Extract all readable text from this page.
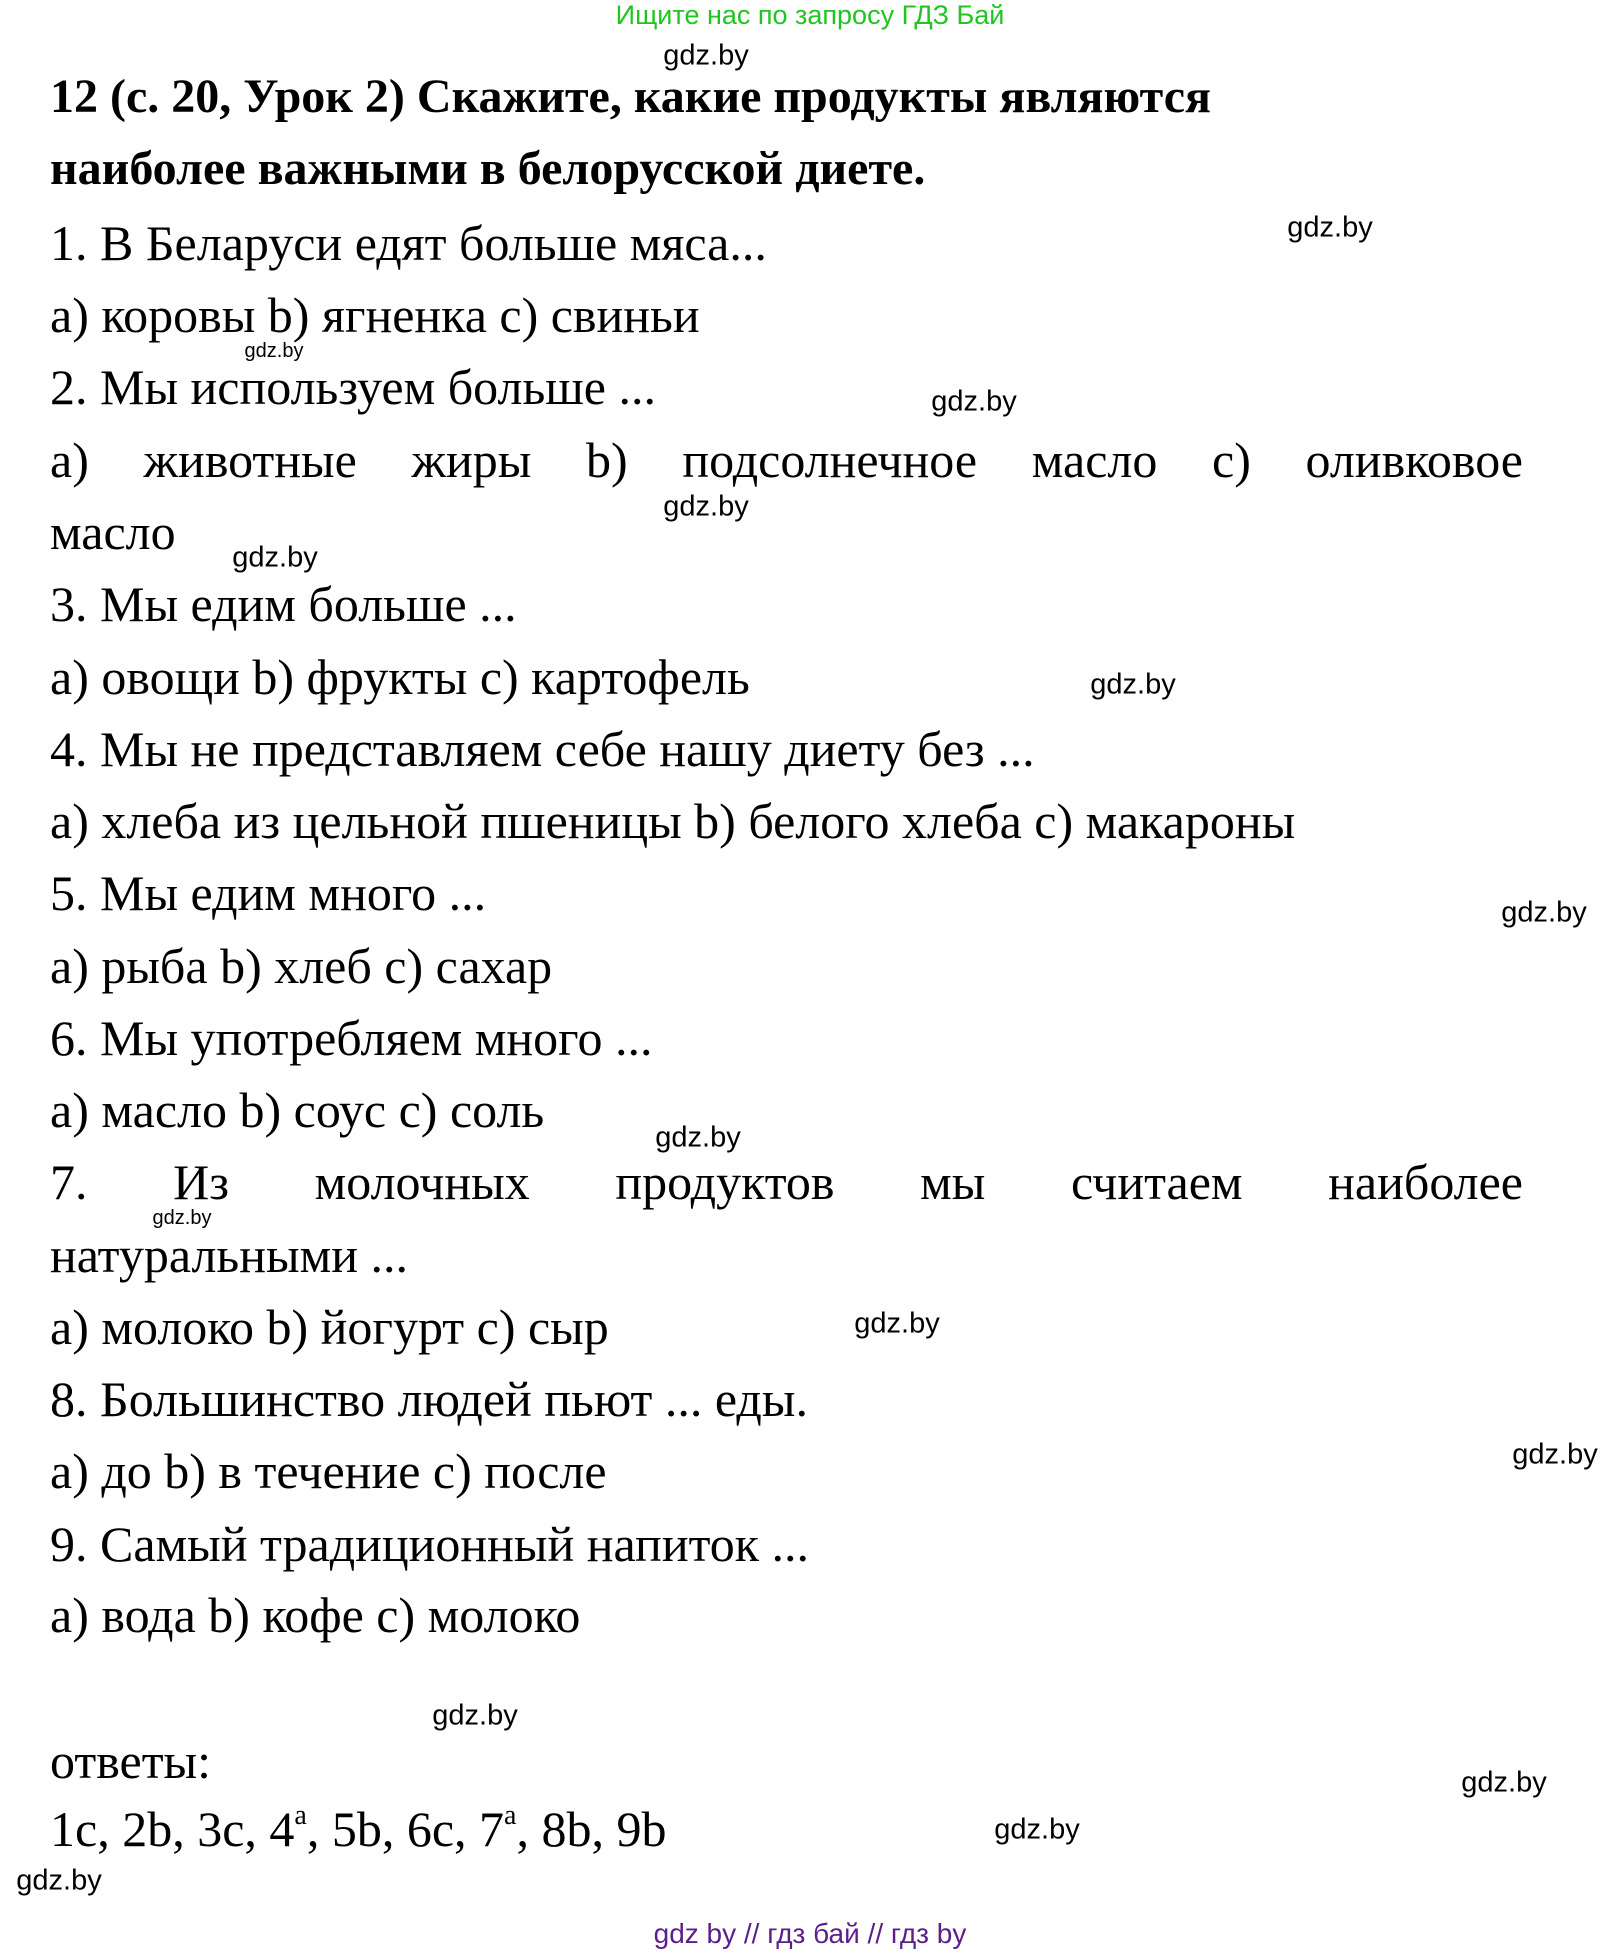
Ищите нас по запросу ГДЗ Бай
12 (с. 20, Урок 2) Скажите, какие продукты являются
наиболее важными в белорусской диете.
1. В Беларуси едят больше мяса...
а) коровы b) ягненка c) свиньи
2. Мы используем больше ...
а) животные жиры b) подсолнечное масло c) оливковое
масло
3. Мы едим больше ...
а) овощи b) фрукты c) картофель
4. Мы не представляем себе нашу диету без ...
а) хлеба из цельной пшеницы b) белого хлеба c) макароны
5. Мы едим много ...
а) рыба b) хлеб c) сахар
6. Мы употребляем много ...
а) масло b) соус c) соль
7. Из молочных продуктов мы считаем наиболее
натуральными ...
а) молоко b) йогурт c) сыр
8. Большинство людей пьют ... еды.
а) до b) в течение c) после
9. Самый традиционный напиток ...
а) вода b) кофе c) молоко
ответы:
1c, 2b, 3c, 4$^a$, 5b, 6c, 7$^a$, 8b, 9b
gdz.by
gdz.by
gdz.by
gdz.by
gdz.by
gdz.by
gdz.by
gdz.by
gdz.by
gdz.by
gdz.by
gdz.by
gdz.by
gdz.by
gdz.by
gdz.by
gdz by // гдз бай // гдз by
